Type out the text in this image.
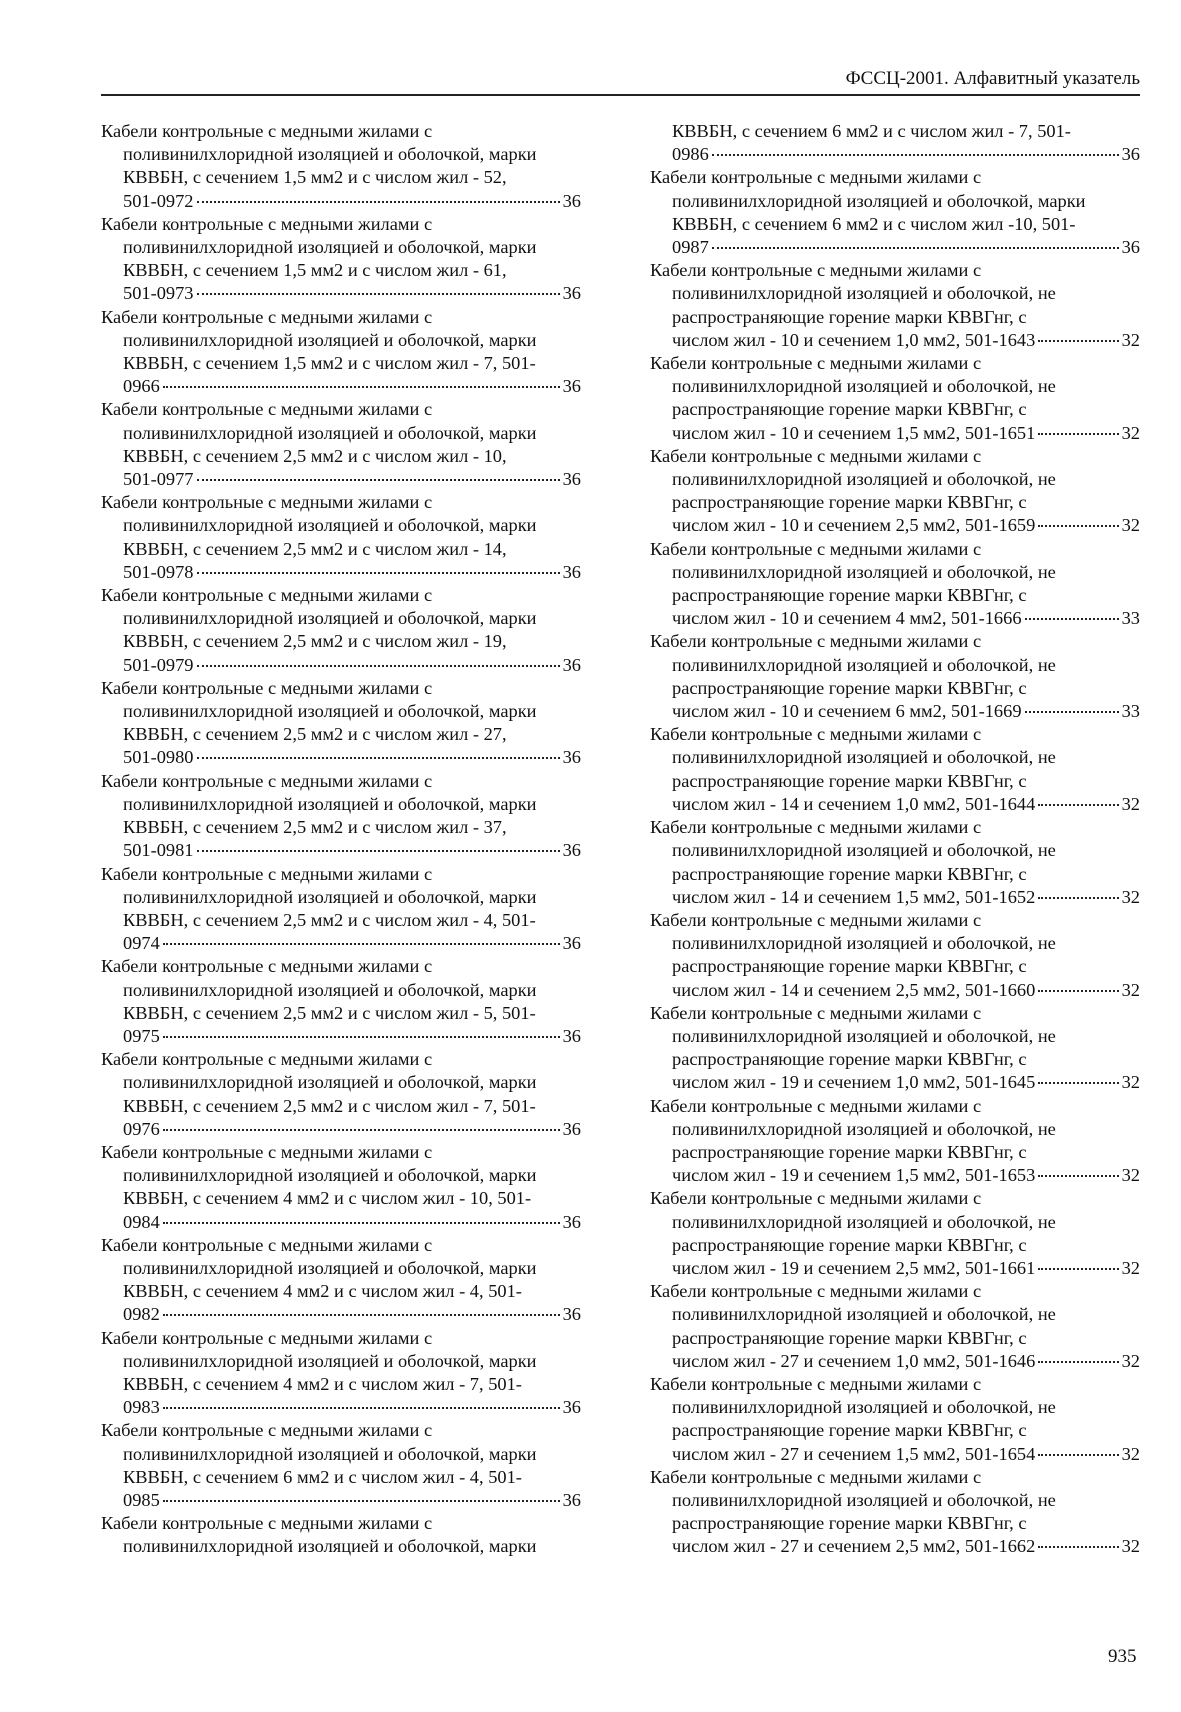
ФССЦ-2001. Алфавитный указатель
Кабели контрольные с медными жилами с поливинилхлоридной изоляцией и оболочкой, марки КВВБН, с сечением 1,5 мм2 и с числом жил - 52,
501-0972	36
Кабели контрольные с медными жилами с поливинилхлоридной изоляцией и оболочкой, марки КВВБН, с сечением 1,5 мм2 и с числом жил - 61,
501-0973	36
Кабели контрольные с медными жилами с поливинилхлоридной изоляцией и оболочкой, марки КВВБН, с сечением 1,5 мм2 и с числом жил - 7, 501-
0966	36
Кабели контрольные с медными жилами с поливинилхлоридной изоляцией и оболочкой, марки КВВБН, с сечением 2,5 мм2 и с числом жил - 10,
501-0977	36
Кабели контрольные с медными жилами с поливинилхлоридной изоляцией и оболочкой, марки КВВБН, с сечением 2,5 мм2 и с числом жил - 14,
501-0978	36
Кабели контрольные с медными жилами с поливинилхлоридной изоляцией и оболочкой, марки КВВБН, с сечением 2,5 мм2 и с числом жил - 19,
501-0979	36
Кабели контрольные с медными жилами с поливинилхлоридной изоляцией и оболочкой, марки КВВБН, с сечением 2,5 мм2 и с числом жил - 27,
501-0980	36
Кабели контрольные с медными жилами с поливинилхлоридной изоляцией и оболочкой, марки КВВБН, с сечением 2,5 мм2 и с числом жил - 37,
501-0981	36
Кабели контрольные с медными жилами с поливинилхлоридной изоляцией и оболочкой, марки КВВБН, с сечением 2,5 мм2 и с числом жил - 4, 501-
0974	36
Кабели контрольные с медными жилами с поливинилхлоридной изоляцией и оболочкой, марки КВВБН, с сечением 2,5 мм2 и с числом жил - 5, 501-
0975	36
Кабели контрольные с медными жилами с поливинилхлоридной изоляцией и оболочкой, марки КВВБН, с сечением 2,5 мм2 и с числом жил - 7, 501-
0976	36
Кабели контрольные с медными жилами с поливинилхлоридной изоляцией и оболочкой, марки КВВБН, с сечением 4 мм2 и с числом жил - 10, 501-
0984	36
Кабели контрольные с медными жилами с поливинилхлоридной изоляцией и оболочкой, марки КВВБН, с сечением 4 мм2 и с числом жил - 4, 501-
0982	36
Кабели контрольные с медными жилами с поливинилхлоридной изоляцией и оболочкой, марки КВВБН, с сечением 4 мм2 и с числом жил - 7, 501-
0983	36
Кабели контрольные с медными жилами с поливинилхлоридной изоляцией и оболочкой, марки КВВБН, с сечением 6 мм2 и с числом жил - 4, 501-
0985	36
Кабели контрольные с медными жилами с поливинилхлоридной изоляцией и оболочкой, марки
КВВБН, с сечением 6 мм2 и с числом жил - 7, 501-
0986	36
Кабели контрольные с медными жилами с поливинилхлоридной изоляцией и оболочкой, марки КВВБН, с сечением 6 мм2 и с числом жил -10, 501-
0987	36
Кабели контрольные с медными жилами с поливинилхлоридной изоляцией и оболочкой, не распространяющие горение марки КВВГнг, с
числом жил - 10 и сечением 1,0 мм2, 501-1643	32
Кабели контрольные с медными жилами с поливинилхлоридной изоляцией и оболочкой, не распространяющие горение марки КВВГнг, с
числом жил - 10 и сечением 1,5 мм2, 501-1651	32
Кабели контрольные с медными жилами с поливинилхлоридной изоляцией и оболочкой, не распространяющие горение марки КВВГнг, с
числом жил - 10 и сечением 2,5 мм2, 501-1659	32
Кабели контрольные с медными жилами с поливинилхлоридной изоляцией и оболочкой, не распространяющие горение марки КВВГнг, с
числом жил - 10 и сечением 4 мм2, 501-1666	33
Кабели контрольные с медными жилами с поливинилхлоридной изоляцией и оболочкой, не распространяющие горение марки КВВГнг, с
числом жил - 10 и сечением 6 мм2, 501-1669	33
Кабели контрольные с медными жилами с поливинилхлоридной изоляцией и оболочкой, не распространяющие горение марки КВВГнг, с
числом жил - 14 и сечением 1,0 мм2, 501-1644	32
Кабели контрольные с медными жилами с поливинилхлоридной изоляцией и оболочкой, не распространяющие горение марки КВВГнг, с
числом жил - 14 и сечением 1,5 мм2, 501-1652	32
Кабели контрольные с медными жилами с поливинилхлоридной изоляцией и оболочкой, не распространяющие горение марки КВВГнг, с
числом жил - 14 и сечением 2,5 мм2, 501-1660	32
Кабели контрольные с медными жилами с поливинилхлоридной изоляцией и оболочкой, не распространяющие горение марки КВВГнг, с
числом жил - 19 и сечением 1,0 мм2, 501-1645	32
Кабели контрольные с медными жилами с поливинилхлоридной изоляцией и оболочкой, не распространяющие горение марки КВВГнг, с
числом жил - 19 и сечением 1,5 мм2, 501-1653	32
Кабели контрольные с медными жилами с поливинилхлоридной изоляцией и оболочкой, не распространяющие горение марки КВВГнг, с
числом жил - 19 и сечением 2,5 мм2, 501-1661	32
Кабели контрольные с медными жилами с поливинилхлоридной изоляцией и оболочкой, не распространяющие горение марки КВВГнг, с
числом жил - 27 и сечением 1,0 мм2, 501-1646	32
Кабели контрольные с медными жилами с поливинилхлоридной изоляцией и оболочкой, не распространяющие горение марки КВВГнг, с
числом жил - 27 и сечением 1,5 мм2, 501-1654	32
Кабели контрольные с медными жилами с поливинилхлоридной изоляцией и оболочкой, не распространяющие горение марки КВВГнг, с
числом жил - 27 и сечением 2,5 мм2, 501-1662	32
935
